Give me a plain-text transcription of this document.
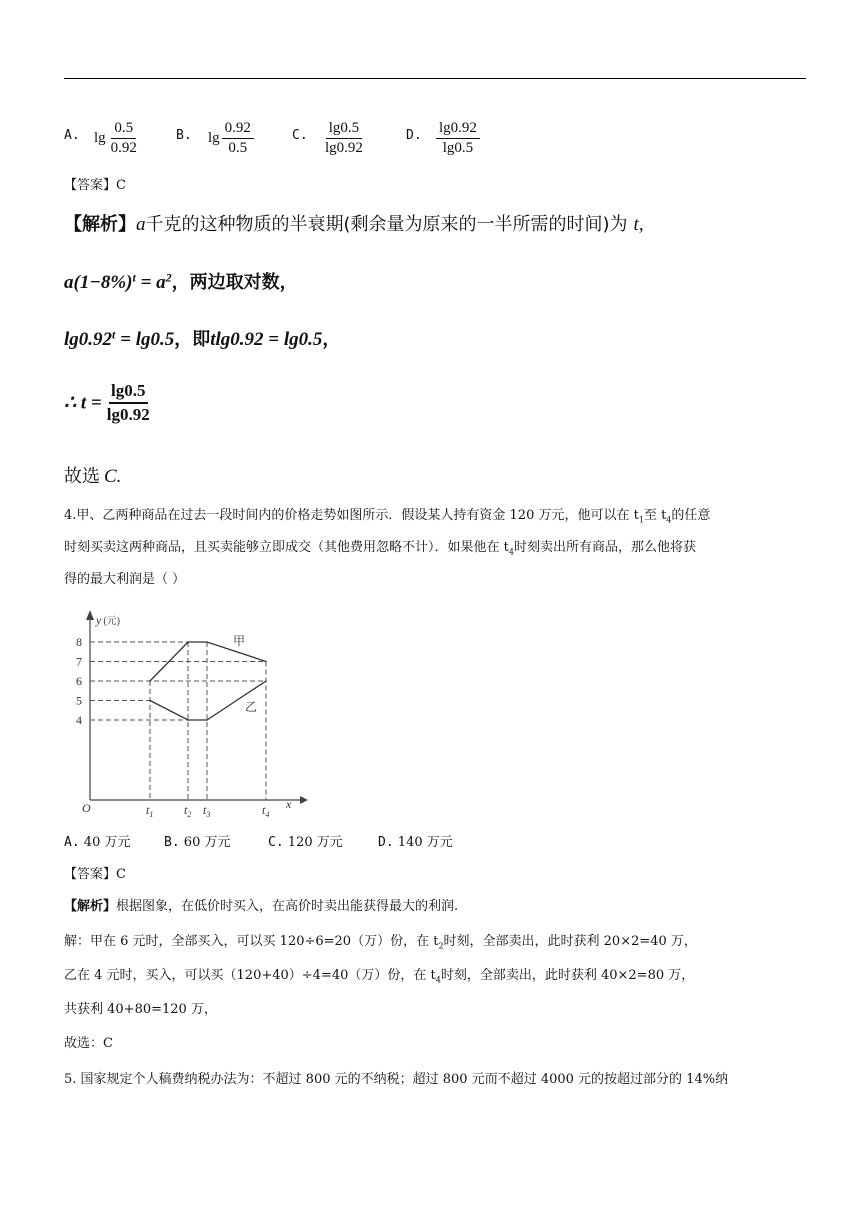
A. $\lg \frac{0.5}{0.92}$	B. $\lg \frac{0.92}{0.5}$	C. $\frac{\lg 0.5}{\lg 0.92}$	D. $\frac{\lg 0.92}{\lg 0.5}$
【答案】C
【解析】a千克的这种物质的半衰期(剩余量为原来的一半所需的时间)为 t,
$a(1-8\%)^t = a^2$，两边取对数，
$\lg 0.92^t = \lg 0.5$，即tlg0.92 = lg0.5，
∴ $t = \frac{\lg 0.5}{\lg 0.92}$
故选 C.
4.甲、乙两种商品在过去一段时间内的价格走势如图所示．假设某人持有资金 120 万元，他可以在 $t_1$至 $t_4$的任意
时刻买卖这两种商品，且买卖能够立即成交（其他费用忽略不计）．如果他在 $t_4$时刻卖出所有商品，那么他将获
得的最大利润是（ ）
y (元)
x
O
4
5
6
7
8
$t_1$	$t_2$ $t_3$	$t_4$
甲
乙
A. 40 万元	B. 60 万元	C. 120 万元	D. 140 万元
【答案】C
【解析】根据图象，在低价时买入，在高价时卖出能获得最大的利润.
解：甲在 6 元时，全部买入，可以买 120÷6=20（万）份，在 $t_2$时刻，全部卖出，此时获利 20×2=40 万，
乙在 4 元时，买入，可以买（120+40）÷4=40（万）份，在 $t_4$时刻，全部卖出，此时获利 40×2=80 万，
共获利 40+80=120 万，
故选：C
5. 国家规定个人稿费纳税办法为：不超过 800 元的不纳税；超过 800 元而不超过 4000 元的按超过部分的 14%纳
